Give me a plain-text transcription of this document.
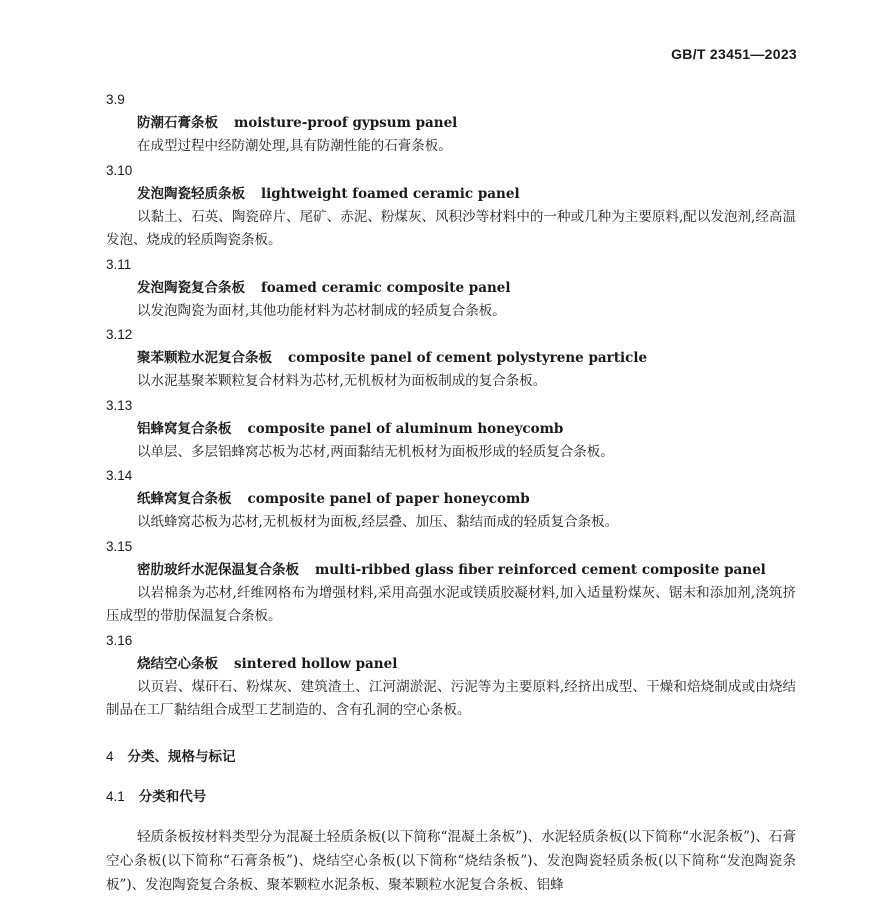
GB/T 23451—2023
3.9
防潮石膏条板 moisture-proof gypsum panel
在成型过程中经防潮处理,具有防潮性能的石膏条板。
3.10
发泡陶瓷轻质条板 lightweight foamed ceramic panel
以黏土、石英、陶瓷碎片、尾矿、赤泥、粉煤灰、风积沙等材料中的一种或几种为主要原料,配以发泡剂,经高温发泡、烧成的轻质陶瓷条板。
3.11
发泡陶瓷复合条板 foamed ceramic composite panel
以发泡陶瓷为面材,其他功能材料为芯材制成的轻质复合条板。
3.12
聚苯颗粒水泥复合条板 composite panel of cement polystyrene particle
以水泥基聚苯颗粒复合材料为芯材,无机板材为面板制成的复合条板。
3.13
铝蜂窝复合条板 composite panel of aluminum honeycomb
以单层、多层铝蜂窝芯板为芯材,两面黏结无机板材为面板形成的轻质复合条板。
3.14
纸蜂窝复合条板 composite panel of paper honeycomb
以纸蜂窝芯板为芯材,无机板材为面板,经层叠、加压、黏结而成的轻质复合条板。
3.15
密肋玻纤水泥保温复合条板 multi-ribbed glass fiber reinforced cement composite panel
以岩棉条为芯材,纤维网格布为增强材料,采用高强水泥或镁质胶凝材料,加入适量粉煤灰、锯末和添加剂,浇筑挤压成型的带肋保温复合条板。
3.16
烧结空心条板 sintered hollow panel
以页岩、煤矸石、粉煤灰、建筑渣土、江河湖淤泥、污泥等为主要原料,经挤出成型、干燥和焙烧制成或由烧结制品在工厂黏结组合成型工艺制造的、含有孔洞的空心条板。
4 分类、规格与标记
4.1 分类和代号
轻质条板按材料类型分为混凝土轻质条板(以下简称“混凝土条板”)、水泥轻质条板(以下简称“水泥条板”)、石膏空心条板(以下简称“石膏条板”)、烧结空心条板(以下简称“烧结条板”)、发泡陶瓷轻质条板(以下简称“发泡陶瓷条板”)、发泡陶瓷复合条板、聚苯颗粒水泥条板、聚苯颗粒水泥复合条板、铝蜂
